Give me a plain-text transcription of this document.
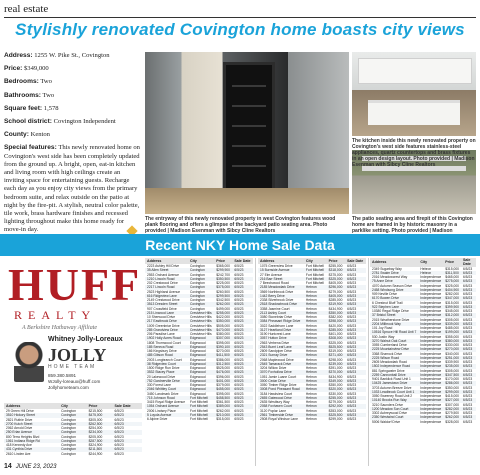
real estate
Stylishly renovated Covington home boasts city views
Address: 1255 W. Pike St., Covington
Price: $349,000
Bedrooms: Two
Bathrooms: Two
Square feet: 1,578
School district: Covington Independent
County: Kenton
Special features: This newly renovated home on Covington's west side has been completely updated from the ground up. A bright, open, eat-in kitchen and living room with high ceilings create an inviting space for entertaining guests. Recharge each day as you enjoy city views from the primary bedroom suite, and relax outside on the patio at night by the fire-pit. A stylish, neutral color palette, tile work, brass hardware finishes and recessed lighting throughout make this home ready for move-in day.
The entryway of this newly renovated property in west Covington features wood plank flooring and offers a glimpse of the backyard patio seating area. Photo provided | Madison Esenman with Sibcy Cline Realtors
The kitchen inside this newly renovated property on Covington's west side features stainless-steel appliances, quartz countertops and brass fixtures in an open design layout. Photo provided | Madison Esenman with Sibcy Cline Realtors
The patio seating area and firepit of this Covington home are framed in by historic masonry in a parklike setting. Photo provided | Madison
Recent NKY Home Sale Data
HUFF
REALTY
A Berkshire Hathaway Affiliate
Whitney Jolly-Loreaux
JOLLY
HOME TEAM
859.380.5891
WJolly-loreaux@huff.com
Jollyhometeam.com
Address	City	Price	Sale Date
29 Green Hill Drive	Covington	$215,500	6/5/23
3510 Hickory Street	Covington	$475,000	6/5/23
2821 Ruthie Drive	Covington	$305,000	6/5/23
2700 Kutch Street	Covington	$262,500	6/5/23
2062 Arnold Drive	Covington	$254,000	6/5/23
250 Erlan Avenue	Covington	$234,000	6/5/23
800 Terra Heights Blvd	Covington	$205,000	6/5/23
1061 Indiana Ridge Rd	Covington	$287,500	6/5/23
418 Kennedy Ave	Covington	$324,900	6/5/23
431 Cynthia Drive	Covington	$211,500	6/5/23
2610 Linden Ave	Covington	$244,900	6/5/23
Address	City	Price	Sale Date
2223 Ashley Hill Drive	Covington	$365,000	6/5/23
35 Allen Street	Covington	$299,900	6/5/23
2553 Orchard Avenue	Covington	$242,700	6/5/23
1210 Lincoln Road	Covington	$350,500	6/5/23
202 Crestwood Drive	Covington	$225,000	6/5/23
2217 Lincoln Road	Covington	$375,000	6/5/23
2523 Highland Avenue	Covington	$260,500	6/5/23
616 Ridgeview Lane	Covington	$299,500	6/5/23
2149 Crestwood Drive	Covington	$342,500	6/5/23
3513 Dresden Street	Covington	$262,000	6/5/23
907 Crossfield Drive	Covington	$499,000	6/5/23
215 Linwood Lane	Crestview Hills	$255,000	6/5/23
10 Sherwood Drive	Crestview Hills	$422,000	6/5/23
217 Eastbrook Drive	Crestview Hills	$350,000	6/5/23
1009 Greenbriar Drive	Crestview Hills	$505,000	6/5/23
285 Grandview Drive	Crestview Hills	$470,000	6/5/23
206 Paradise Lane	Crestview Hills	$380,000	6/5/23
1902 Holly Acres Road	Edgewood	$307,000	6/5/23
1808 Thornwood Court	Edgewood	$395,000	6/5/23
185 Seneca Road	Edgewood	$390,100	6/5/23
166 Kingsbury Drive	Edgewood	$270,000	6/5/23
485 Gibson Road	Edgewood	$411,500	6/5/23
2003 Longbranch Court	Edgewood	$386,000	6/5/23
38 Ridgeview Court	Edgewood	$312,500	6/5/23
1500 Ridge Run Drive	Edgewood	$525,000	6/5/23
3532 Stacey Place	Edgewood	$476,000	6/5/23
20 Lakewood Drive	Edgewood	$396,000	6/5/23
752 Gardnerville Drive	Edgewood	$401,000	6/5/23
330 Forest Lane	Edgewood	$379,000	6/5/23
2046 Whittley Court	Edgewood	$455,000	6/5/23
3450 Landmark Drive	Edgewood	$395,000	6/5/23
715 Johnson Road	Fort Mitchell	$458,500	6/5/23
3415 Royal Ridge Avenue	Fort Mitchell	$361,500	6/5/23
1054 Orchard Avenue	Fort Mitchell	$389,000	6/5/23
2006 Lindsey Place	Fort Mitchell	$262,000	6/5/23
5 Loyola Avenue	Fort Mitchell	$210,000	6/5/23
6 Alpine Drive	Fort Mitchell	$315,000	6/5/23
Address	City	Price	Sale Date
1075 Greenview Drive	Fort Mitchell	$255,000	6/5/23
15 Burnside Avenue	Fort Mitchell	$318,000	6/5/23
27 Elm Avenue	Fort Mitchell	$375,000	6/5/23
216 Barr Street	Fort Mitchell	$325,000	6/5/23
7 Beechwood Road	Fort Mitchell	$405,000	6/5/23
2185 Meadowlark Drive	Hebron	$296,000	6/5/23
3569 Northbrook Drive	Hebron	$279,000	6/5/23
1442 Berry Drive	Hebron	$405,000	6/5/23
2338 Silverbrook Drive	Hebron	$285,000	6/5/23
2518 Shadowbrook Drive	Hebron	$319,900	6/5/23
3358 Jasmine Court	Hebron	$434,900	6/5/23
2113 Ashby Court	Hebron	$350,000	6/5/23
3080 Stonebriar Drive	Hebron	$382,000	6/5/23
3084 Pheasant Ridge Drive	Hebron	$398,000	6/5/23
3022 Saddlehorn Lane	Hebron	$420,000	6/5/23
3127 Heartland Drive	Hebron	$285,000	6/5/23
3190 Huntcrest Lane	Hebron	$401,000	6/5/23
3057 Hutton Drive	Hebron	$308,000	6/5/23
2563 Verbena Drive	Hebron	$325,000	6/5/23
2543 Burnt Leaf Lane	Hebron	$525,500	6/5/23
2809 Sandpiper Drive	Hebron	$319,000	6/5/23
2321 Sunray Drive	Hebron	$371,400	6/5/23
2068 Maplewood Drive	Hebron	$298,000	6/5/23
2545 Tamarack Drive	Hebron	$239,000	6/5/23
3204 Willow Drive	Hebron	$391,000	6/5/23
3070 Foxhollow Drive	Hebron	$370,000	6/5/23
1051 Jamie Luane Court	Hebron	$434,900	6/5/23
3000 Cedar Drive	Hebron	$349,000	6/5/23
3050 Timber Ridge Drive	Hebron	$350,000	6/5/23
3008 Pond Pheasant Road	Hebron	$320,000	6/5/23
3184 Hawkview Court	Hebron	$330,000	6/5/23
2655 Gatewood Drive	Hebron	$255,000	6/5/23
2635 Westbury Way	Hebron	$279,000	6/5/23
2058 Foxhaven Court	Hebron	$292,000	6/5/23
3120 Poplar Lane	Hebron	$353,000	6/5/23
2561 Timberside Drive	Hebron	$325,500	6/5/23
2508 Royal Windsor Lane	Hebron	$299,000	6/5/23
Address	City	Price	Sale Date
2349 Sugarbay Way	Hebron	$315,000	6/5/23
2781 Swaim Drive	Hebron	$311,500	6/5/23
2016 Meadowcrest Way	Independence	$465,000	6/5/23
75 Anne Drive	Independence	$275,000	6/5/23
4070 Autumn Season Drive	Independence	$325,000	6/5/23
2458 Windsong Drive	Independence	$404,900	6/5/23
909 Neville Drive	Independence	$282,000	6/5/23
6170 Bowen Drive	Independence	$347,000	6/5/23
6 Chestnut Bluff Trail	Independence	$315,000	6/5/23
922 Stephen Lane	Independence	$399,900	6/5/23
10380 Regal Ridge Drive	Independence	$345,000	6/5/23
37 Bristol Street	Independence	$312,000	6/5/23
2015 Weatherstone Drive	Independence	$305,000	6/5/23
2204 Millbrook Way	Independence	$339,000	6/5/23
101 Joy Road	Independence	$485,000	6/5/23
10516 Spruce Hill Road Unit 7	Independence	$199,000	6/5/23
530 Justin Way	Independence	$355,000	6/5/23
3270 Walnut Oak Court	Independence	$380,000	6/5/23
3055 Cumberland Drive	Independence	$330,000	6/5/23
2225 Mountainview Drive	Independence	$270,000	6/5/23
3368 Sharrock Drive	Independence	$340,000	6/5/23
2225 Wilson Road	Independence	$251,000	6/5/23
2605 Meadowlark Road	Independence	$339,900	6/5/23
1502 Independence Road	Independence	$235,000	6/5/23
881 Springwater Drive	Independence	$305,000	6/5/23
2259 Cannonball Drive	Independence	$347,500	6/5/23
9401 Banklick Road Unit 1	Independence	$170,000	6/5/23
10425 Jamestown Drive	Independence	$286,000	6/5/23
3703 Autumn Breeze Drive	Independence	$350,000	6/5/23
1033 Leadbrook Court Unit 1	Independence	$299,000	6/5/23
3050 Sweeney Road Unit 2	Independence	$415,000	6/5/23
10140 Brooks Run Way	Independence	$327,000	6/5/23
3210 Saunders Drive	Independence	$307,000	6/5/23
1200 Meadow Sun Court	Independence	$282,000	6/5/23
3302 Aubreywood Drive	Independence	$279,500	6/5/23
2350 Westwind Court	Independence	$262,000	6/5/23
5006 Waldorf Drive	Independence	$328,000	6/5/23
14 JUNE 23, 2023
